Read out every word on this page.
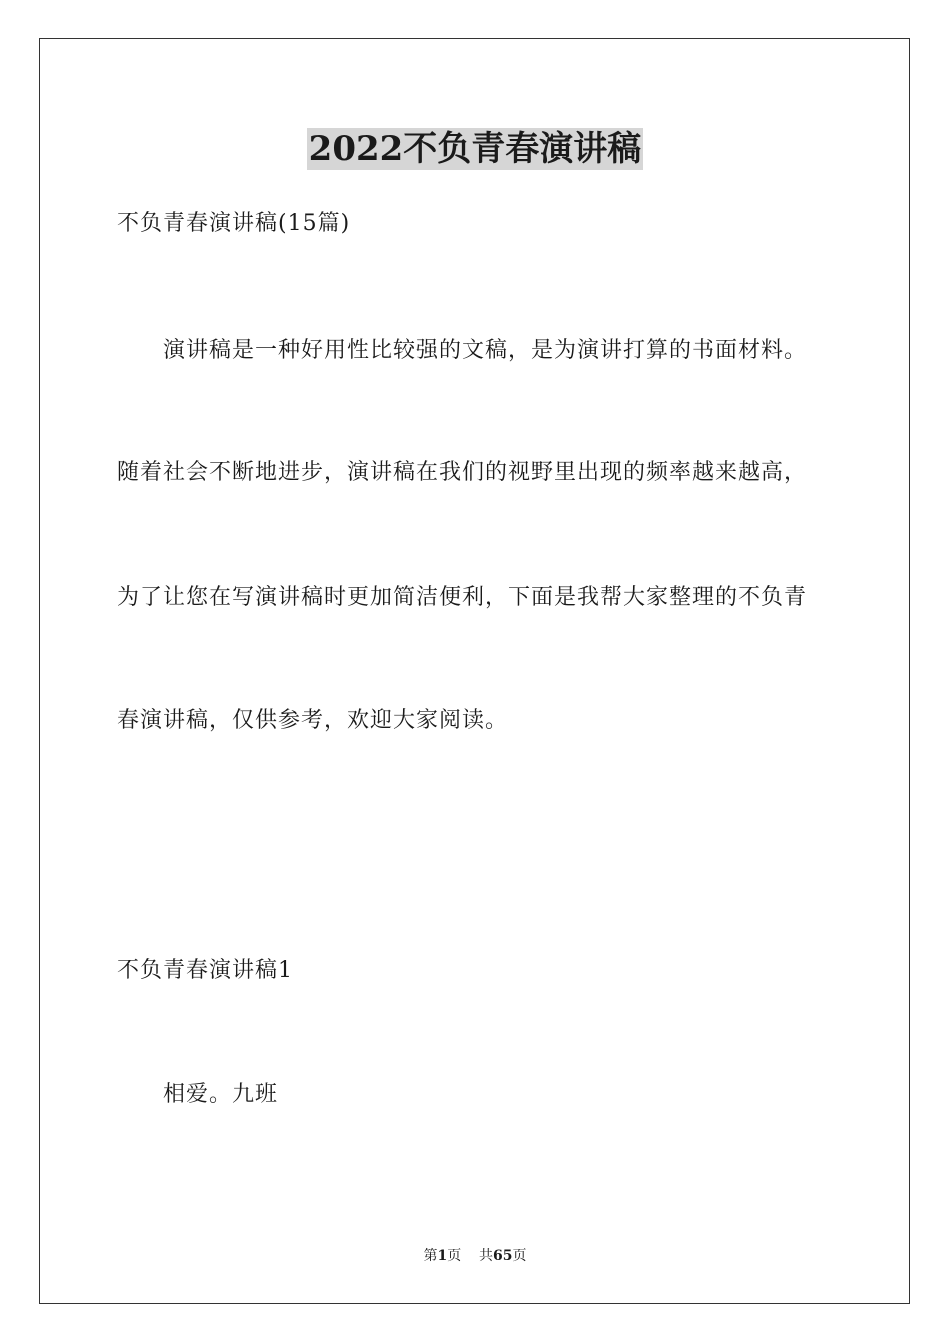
2022不负青春演讲稿
不负青春演讲稿(15篇)
演讲稿是一种好用性比较强的文稿，是为演讲打算的书面材料。
随着社会不断地进步，演讲稿在我们的视野里出现的频率越来越高，
为了让您在写演讲稿时更加简洁便利，下面是我帮大家整理的不负青
春演讲稿，仅供参考，欢迎大家阅读。
不负青春演讲稿1
相爱。九班
第1页 共65页
